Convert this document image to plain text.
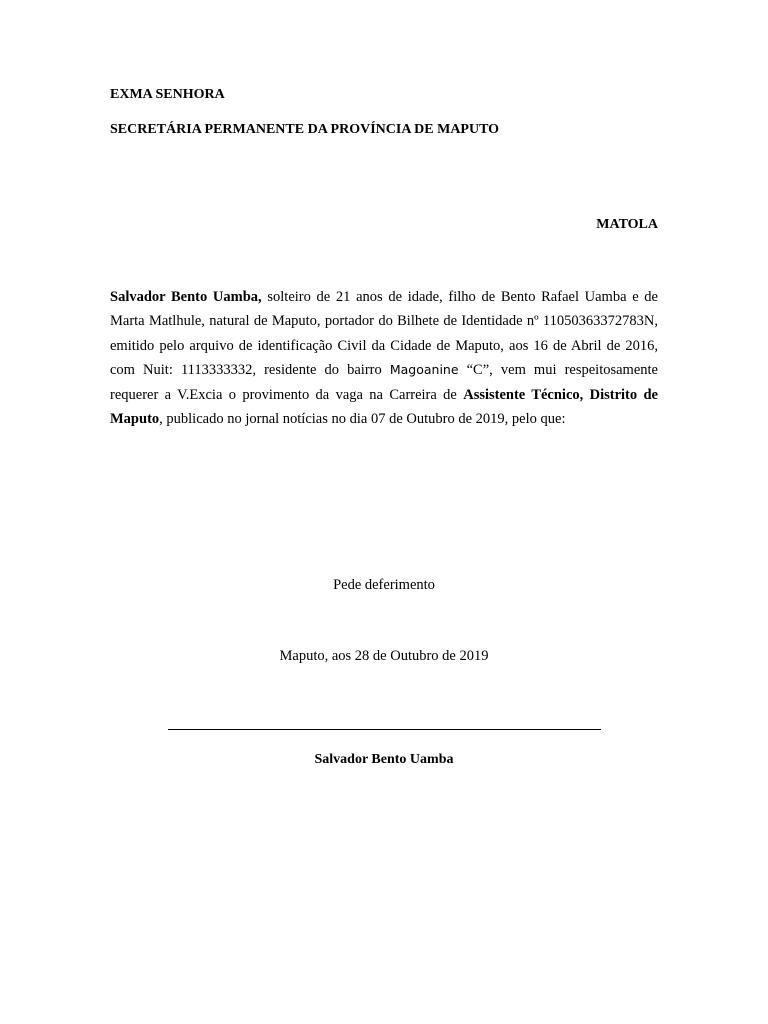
EXMA SENHORA
SECRETÁRIA PERMANENTE DA PROVÍNCIA DE MAPUTO
MATOLA
Salvador Bento Uamba, solteiro de 21 anos de idade, filho de Bento Rafael Uamba e de Marta Matlhule, natural de Maputo, portador do Bilhete de Identidade nº 11050363372783N, emitido pelo arquivo de identificação Civil da Cidade de Maputo, aos 16 de Abril de 2016, com Nuit: 1113333332, residente do bairro Magoanine “C”, vem mui respeitosamente requerer a V.Excia o provimento da vaga na Carreira de Assistente Técnico, Distrito de Maputo, publicado no jornal notícias no dia 07 de Outubro de 2019, pelo que:
Pede deferimento
Maputo, aos 28 de Outubro de 2019
Salvador Bento Uamba
